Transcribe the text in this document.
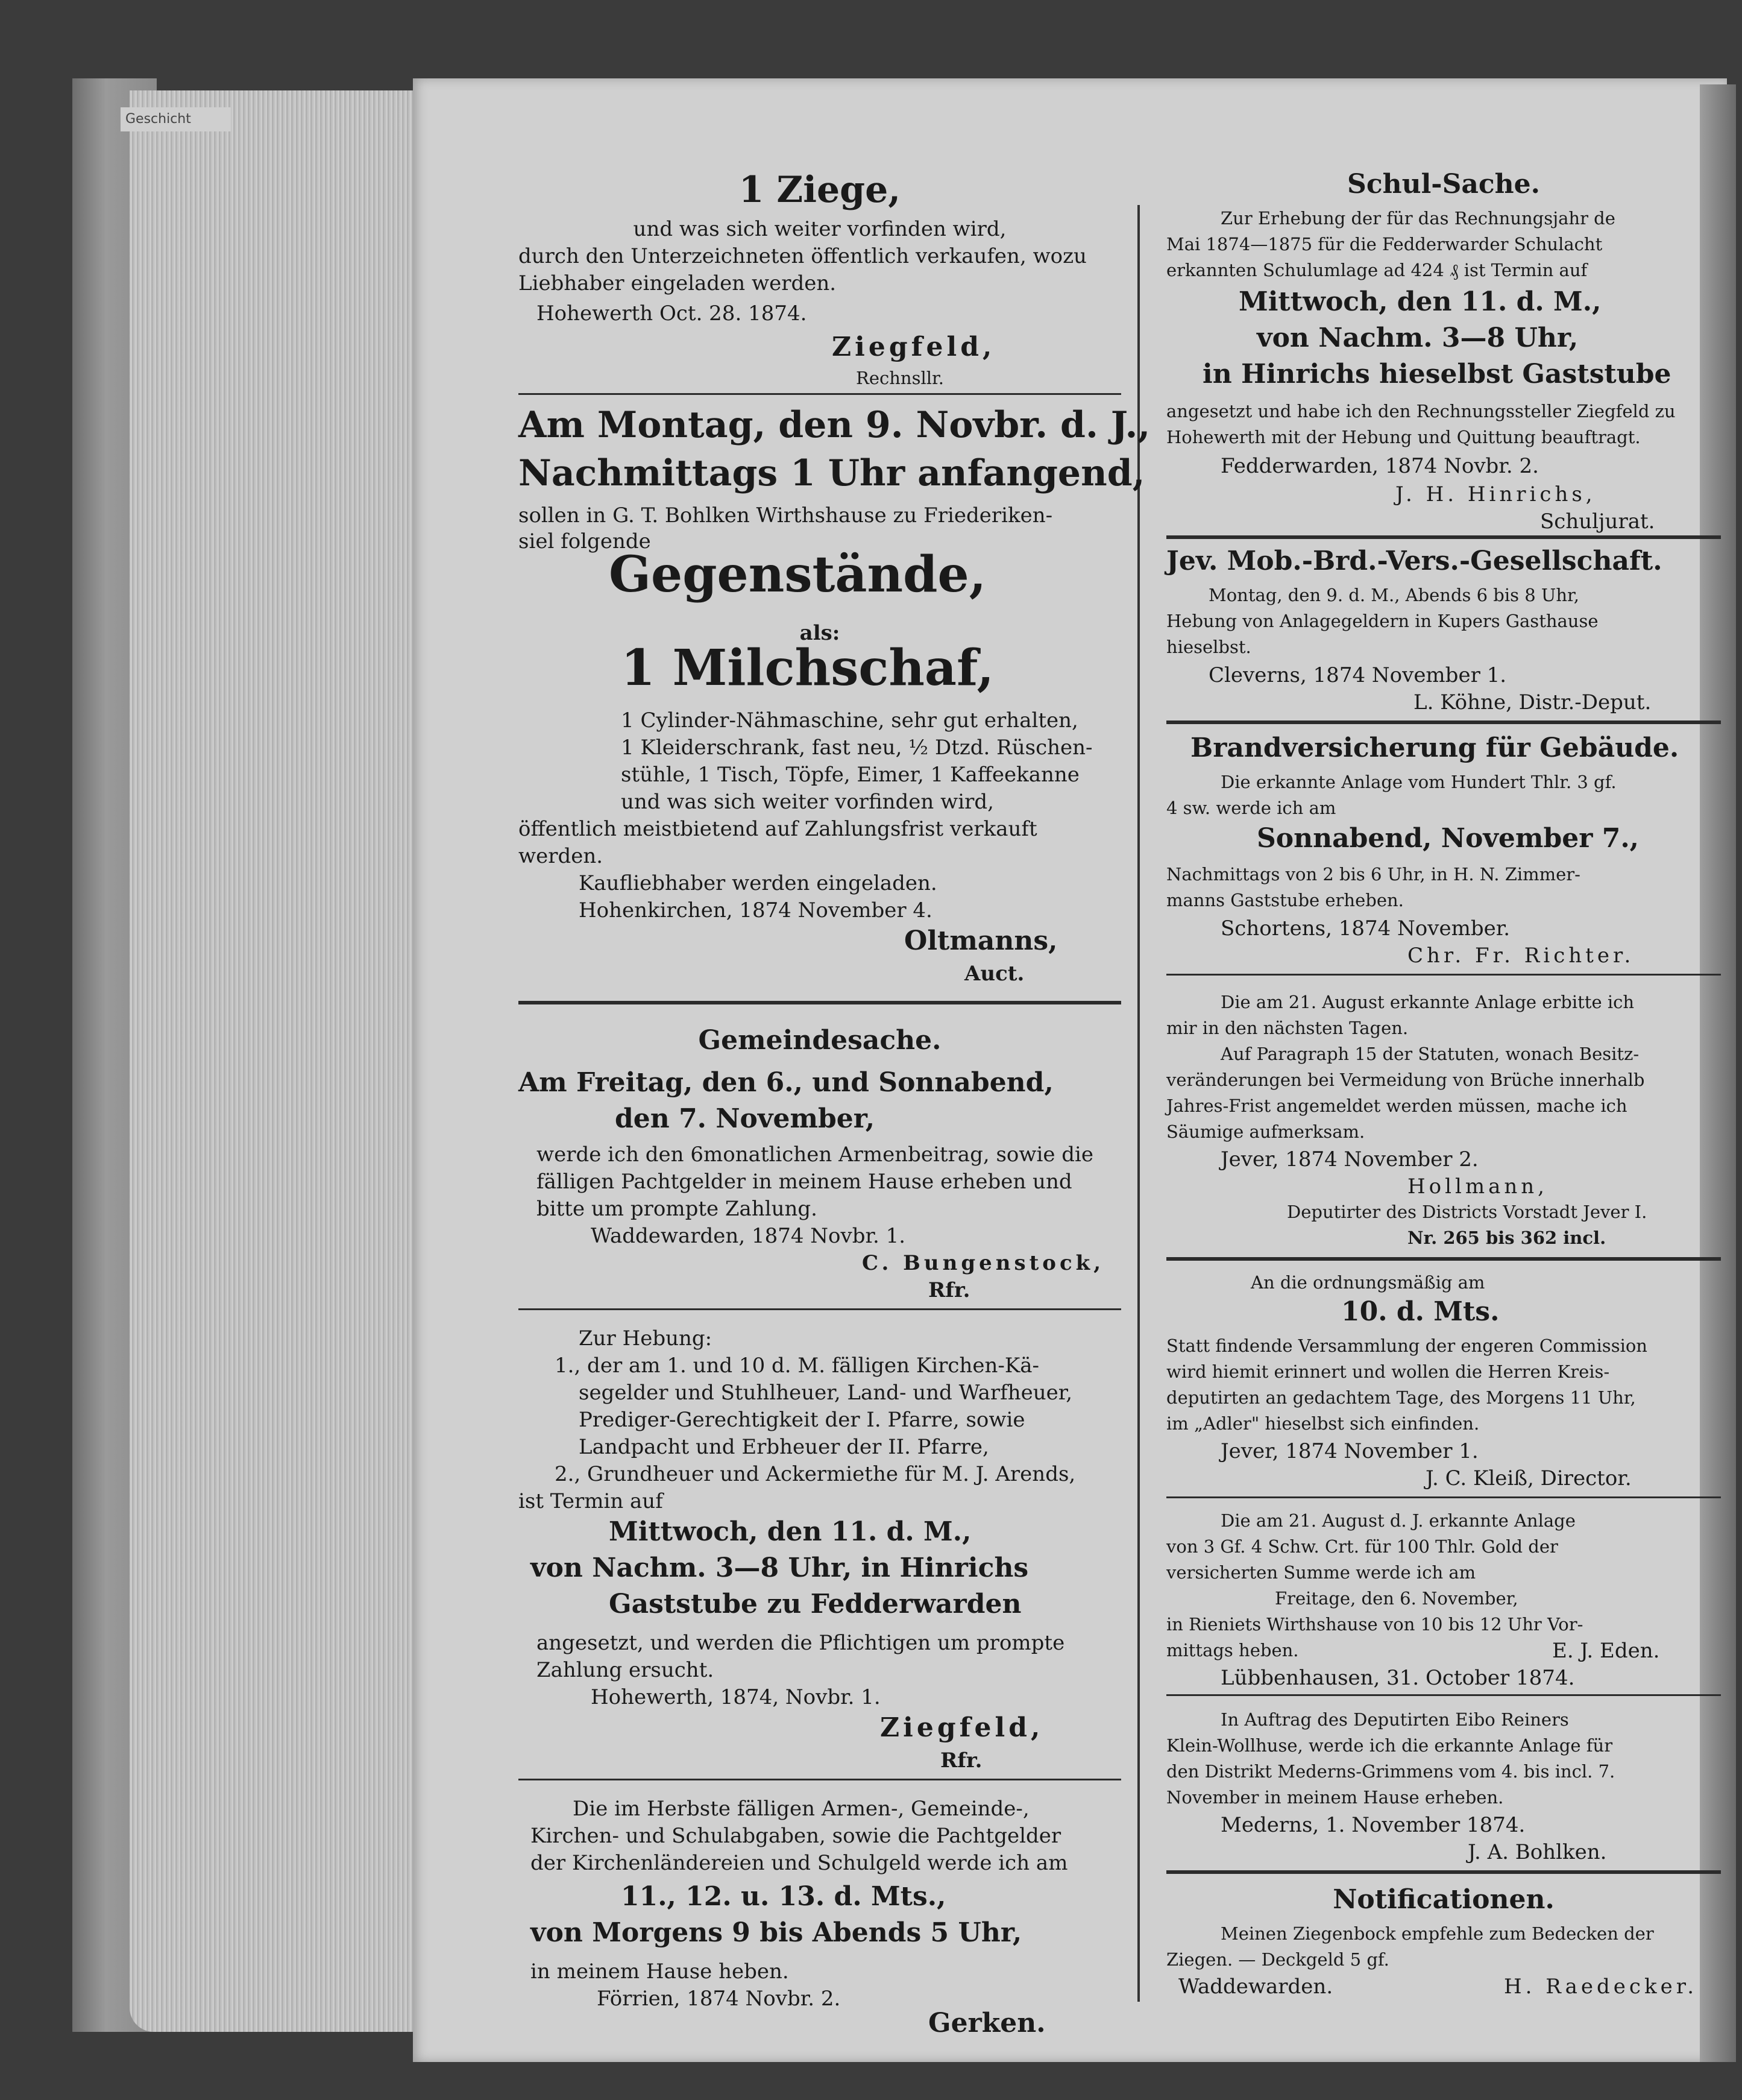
Geschicht
1 Ziege,
und was sich weiter vorfinden wird,
durch den Unterzeichneten öffentlich verkaufen, wozu
Liebhaber eingeladen werden.
Hohewerth Oct. 28. 1874.
Ziegfeld,
Rechnsllr.
Am Montag, den 9. Novbr. d. J.,
Nachmittags 1 Uhr anfangend,
sollen in G. T. Bohlken Wirthshause zu Friederiken-
siel folgende
Gegenstände,
als:
1 Milchschaf,
1 Cylinder-Nähmaschine, sehr gut erhalten,
1 Kleiderschrank, fast neu, ½ Dtzd. Rüschen-
stühle, 1 Tisch, Töpfe, Eimer, 1 Kaffeekanne
und was sich weiter vorfinden wird,
öffentlich meistbietend auf Zahlungsfrist verkauft
werden.
Kaufliebhaber werden eingeladen.
Hohenkirchen, 1874 November 4.
Oltmanns,
Auct.
Gemeindesache.
Am Freitag, den 6., und Sonnabend,
den 7. November,
werde ich den 6monatlichen Armenbeitrag, sowie die
fälligen Pachtgelder in meinem Hause erheben und
bitte um prompte Zahlung.
Waddewarden, 1874 Novbr. 1.
C. Bungenstock,
Rfr.
Zur Hebung:
1., der am 1. und 10 d. M. fälligen Kirchen-Kä-
segelder und Stuhlheuer, Land- und Warfheuer,
Prediger-Gerechtigkeit der I. Pfarre, sowie
Landpacht und Erbheuer der II. Pfarre,
2., Grundheuer und Ackermiethe für M. J. Arends,
ist Termin auf
Mittwoch, den 11. d. M.,
von Nachm. 3—8 Uhr, in Hinrichs
Gaststube zu Fedderwarden
angesetzt, und werden die Pflichtigen um prompte
Zahlung ersucht.
Hohewerth, 1874, Novbr. 1.
Ziegfeld,
Rfr.
Die im Herbste fälligen Armen-, Gemeinde-,
Kirchen- und Schulabgaben, sowie die Pachtgelder
der Kirchenländereien und Schulgeld werde ich am
11., 12. u. 13. d. Mts.,
von Morgens 9 bis Abends 5 Uhr,
in meinem Hause heben.
Förrien, 1874 Novbr. 2.
Gerken.
Schul-Sache.
Zur Erhebung der für das Rechnungsjahr de
Mai 1874—1875 für die Fedderwarder Schulacht
erkannten Schulumlage ad 424 ₰ ist Termin auf
Mittwoch, den 11. d. M.,
von Nachm. 3—8 Uhr,
in Hinrichs hieselbst Gaststube
angesetzt und habe ich den Rechnungssteller Ziegfeld zu
Hohewerth mit der Hebung und Quittung beauftragt.
Fedderwarden, 1874 Novbr. 2.
J. H. Hinrichs,
Schuljurat.
Jev. Mob.-Brd.-Vers.-Gesellschaft.
Montag, den 9. d. M., Abends 6 bis 8 Uhr,
Hebung von Anlagegeldern in Kupers Gasthause
hieselbst.
Cleverns, 1874 November 1.
L. Köhne, Distr.-Deput.
Brandversicherung für Gebäude.
Die erkannte Anlage vom Hundert Thlr. 3 gf.
4 sw. werde ich am
Sonnabend, November 7.,
Nachmittags von 2 bis 6 Uhr, in H. N. Zimmer-
manns Gaststube erheben.
Schortens, 1874 November.
Chr. Fr. Richter.
Die am 21. August erkannte Anlage erbitte ich
mir in den nächsten Tagen.
Auf Paragraph 15 der Statuten, wonach Besitz-
veränderungen bei Vermeidung von Brüche innerhalb
Jahres-Frist angemeldet werden müssen, mache ich
Säumige aufmerksam.
Jever, 1874 November 2.
Hollmann,
Deputirter des Districts Vorstadt Jever I.
Nr. 265 bis 362 incl.
An die ordnungsmäßig am
10. d. Mts.
Statt findende Versammlung der engeren Commission
wird hiemit erinnert und wollen die Herren Kreis-
deputirten an gedachtem Tage, des Morgens 11 Uhr,
im „Adler" hieselbst sich einfinden.
Jever, 1874 November 1.
J. C. Kleiß, Director.
Die am 21. August d. J. erkannte Anlage
von 3 Gf. 4 Schw. Crt. für 100 Thlr. Gold der
versicherten Summe werde ich am
Freitage, den 6. November,
in Rieniets Wirthshause von 10 bis 12 Uhr Vor-
mittags heben.	E. J. Eden.
Lübbenhausen, 31. October 1874.
In Auftrag des Deputirten Eibo Reiners
Klein-Wollhuse, werde ich die erkannte Anlage für
den Distrikt Mederns-Grimmens vom 4. bis incl. 7.
November in meinem Hause erheben.
Mederns, 1. November 1874.
J. A. Bohlken.
Notificationen.
Meinen Ziegenbock empfehle zum Bedecken der
Ziegen. — Deckgeld 5 gf.
Waddewarden.	H. Raedecker.
